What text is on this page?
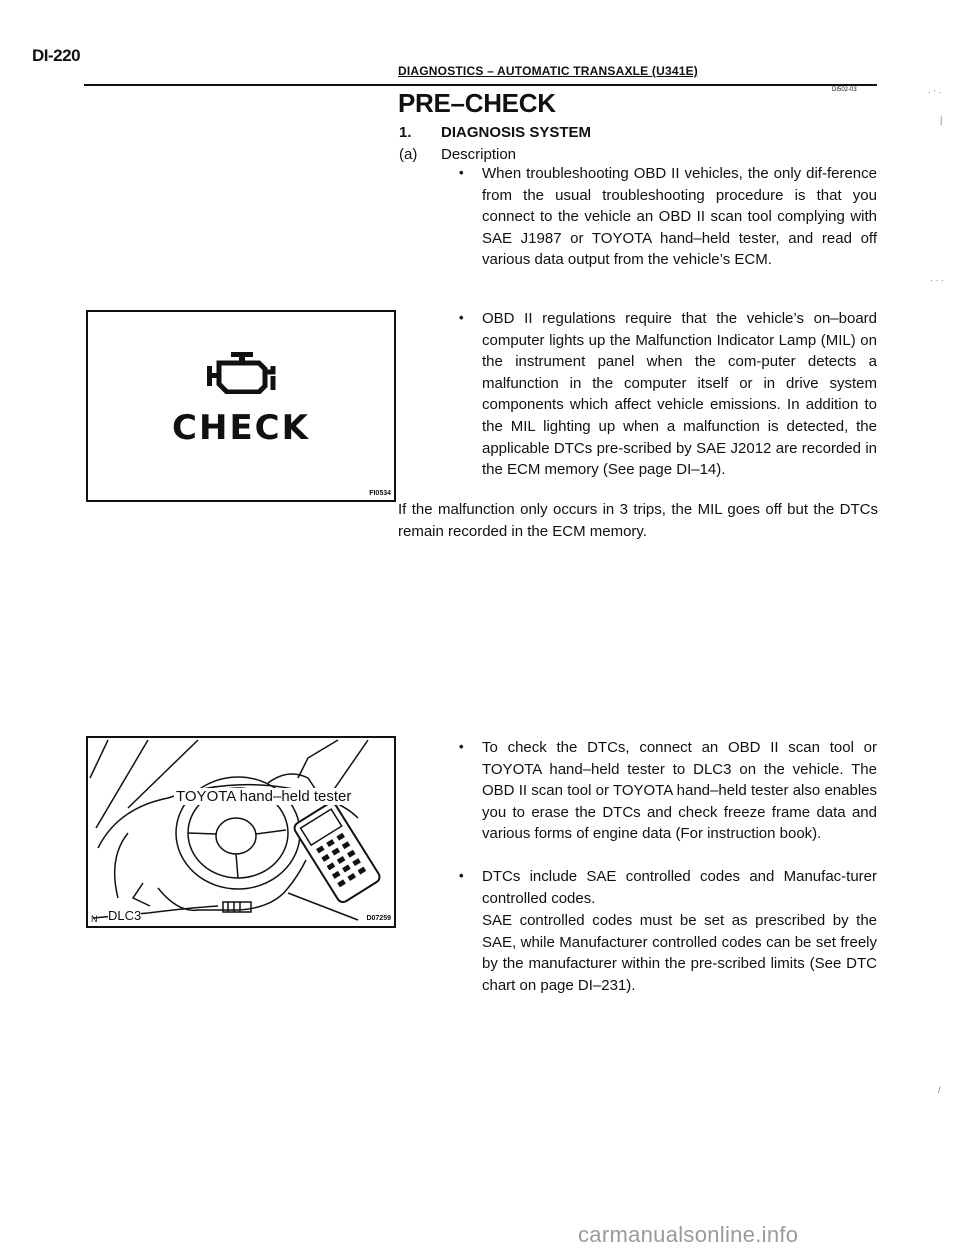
DI-220
DIAGNOSTICS – AUTOMATIC TRANSAXLE (U341E)
DI502-03
PRE–CHECK
1. DIAGNOSIS SYSTEM
(a) Description
• When troubleshooting OBD II vehicles, the only dif-ference from the usual troubleshooting procedure is that you connect to the vehicle an OBD II scan tool complying with SAE J1987 or TOYOTA hand–held tester, and read off various data output from the vehicle’s ECM.

• OBD II regulations require that the vehicle’s on–board computer lights up the Malfunction Indicator Lamp (MIL) on the instrument panel when the com-puter detects a malfunction in the computer itself or in drive system components which affect vehicle emissions. In addition to the MIL lighting up when a malfunction is detected, the applicable DTCs pre-scribed by SAE J2012 are recorded in the ECM memory (See page DI–14).

If the malfunction only occurs in 3 trips, the MIL goes off but the DTCs remain recorded in the ECM memory.

• To check the DTCs, connect an OBD II scan tool or TOYOTA hand–held tester to DLC3 on the vehicle. The OBD II scan tool or TOYOTA hand–held tester also enables you to erase the DTCs and check freeze frame data and various forms of engine data (For instruction book).

• DTCs include SAE controlled codes and Manufac-turer controlled codes.

SAE controlled codes must be set as prescribed by the SAE, while Manufacturer controlled codes can be set freely by the manufacturer within the pre-scribed limits (See DTC chart on page DI–231).

CHECK
FI0534
TOYOTA hand–held tester
DLC3
N	D07259
. · .
|
· · ·
/
carmanualsonline.info
